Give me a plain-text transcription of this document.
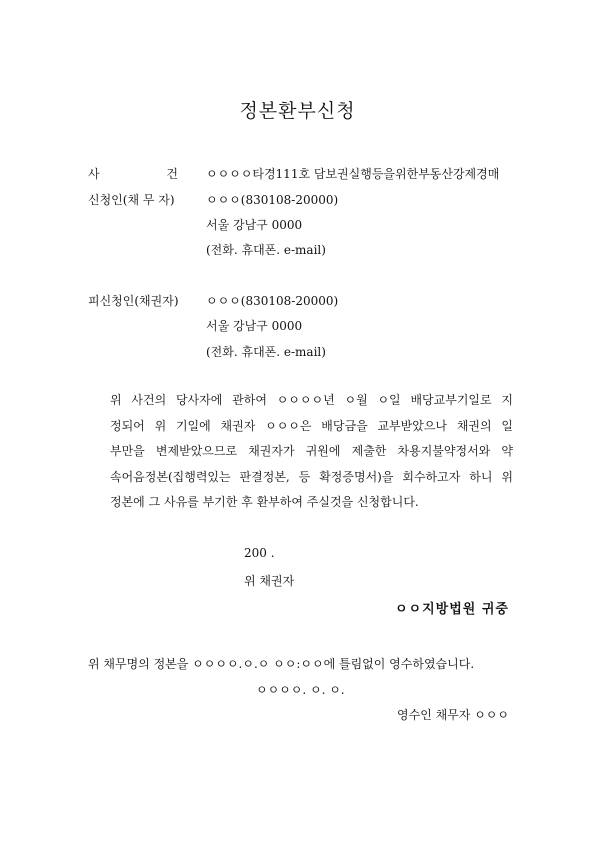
정본환부신청
사	건 ㅇㅇㅇㅇ타경111호 담보권실행등을위한부동산강제경매
신청인(채 무 자)	ㅇㅇㅇ(830108-20000)
서울 강남구 0000
(전화. 휴대폰. e-mail)
피신청인(채권자) ㅇㅇㅇ(830108-20000)
서울 강남구 0000
(전화. 휴대폰. e-mail)

위 사건의 당사자에 관하여 ㅇㅇㅇㅇ년 ㅇ월 ㅇ일 배당교부기일로 지

정되어 위 기일에 채권자 ㅇㅇㅇ은 배당금을 교부받았으나 채권의 일

부만을 변제받았으므로 채권자가 귀원에 제출한 차용지불약정서와 약

속어음정본(집행력있는 판결정본, 등 확정증명서)을 회수하고자 하니 위

정본에 그 사유를 부기한 후 환부하여 주실것을 신청합니다.

200 .
위 채권자
ㅇㅇ지방법원 귀중
위 채무명의 정본을 ㅇㅇㅇㅇ.ㅇ.ㅇ ㅇㅇ:ㅇㅇ에 틀림없이 영수하였습니다.
ㅇㅇㅇㅇ. ㅇ. ㅇ.
영수인 채무자 ㅇㅇㅇ
